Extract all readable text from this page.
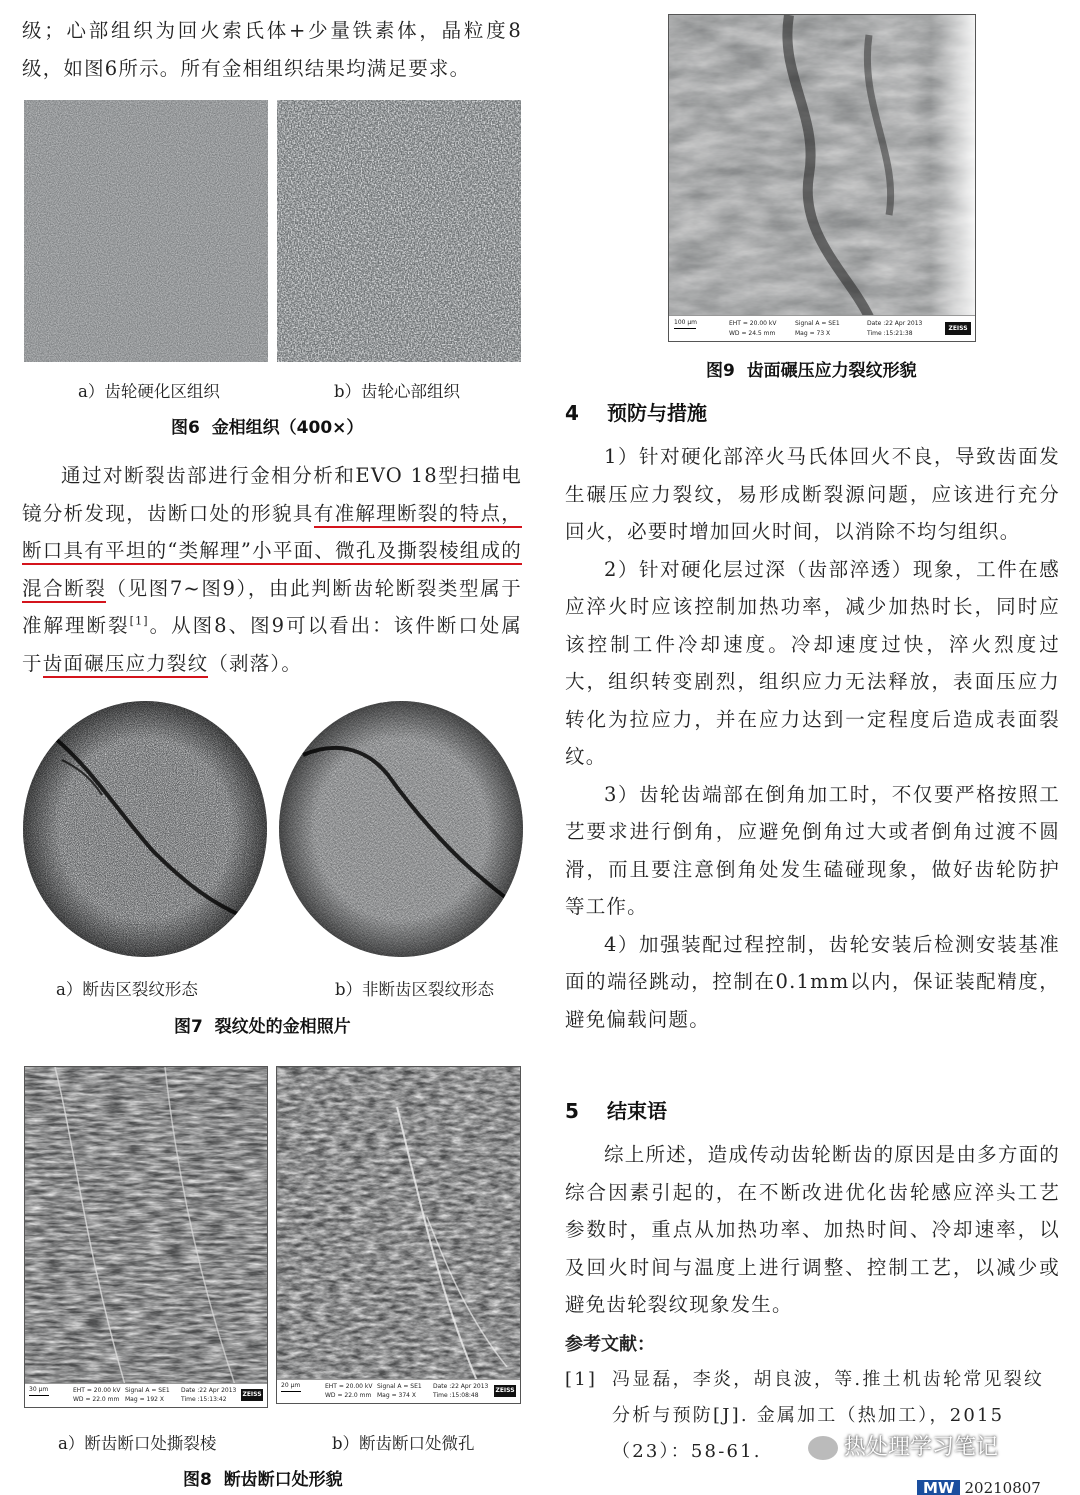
级；心部组织为回火索氏体+少量铁素体，晶粒度8级，如图6所示。所有金相组织结果均满足要求。

a）齿轮硬化区组织	b）齿轮心部组织
图6 金相组织（400×）

通过对断裂齿部进行金相分析和EVO 18型扫描电镜分析发现，齿断口处的形貌具有准解理断裂的特点，断口具有平坦的“类解理”小平面、微孔及撕裂棱组成的混合断裂（见图7~图9），由此判断齿轮断裂类型属于准解理断裂[1]。从图8、图9可以看出：该件断口处属于齿面碾压应力裂纹（剥落）。

a）断齿区裂纹形态	b）非断齿区裂纹形态
图7 裂纹处的金相照片
30 μm	EHT = 20.00 kV
WD = 22.0 mm
Signal A = SE1
Mag = 192 X
Date :22 Apr 2013
Time :15:13:42
ZEISS
20 μm	EHT = 20.00 kV
WD = 22.0 mm
Signal A = SE1
Mag = 374 X
Date :22 Apr 2013
Time :15:08:48
ZEISS
a）断齿断口处撕裂棱	b）断齿断口处微孔
图8 断齿断口处形貌
100 μm	EHT = 20.00 kV
WD = 24.5 mm
Signal A = SE1
Mag = 73 X
Date :22 Apr 2013
Time :15:21:38
ZEISS
图9 齿面碾压应力裂纹形貌
4 预防与措施

1）针对硬化部淬火马氏体回火不良，导致齿面发生碾压应力裂纹，易形成断裂源问题，应该进行充分回火，必要时增加回火时间，以消除不均匀组织。

2）针对硬化层过深（齿部淬透）现象，工件在感应淬火时应该控制加热功率，减少加热时长，同时应该控制工件冷却速度。冷却速度过快，淬火烈度过大，组织转变剧烈，组织应力无法释放，表面压应力转化为拉应力，并在应力达到一定程度后造成表面裂纹。

3）齿轮齿端部在倒角加工时，不仅要严格按照工艺要求进行倒角，应避免倒角过大或者倒角过渡不圆滑，而且要注意倒角处发生磕碰现象，做好齿轮防护等工作。

4）加强装配过程控制，齿轮安装后检测安装基准面的端径跳动，控制在0.1mm以内，保证装配精度，避免偏载问题。

5 结束语

综上所述，造成传动齿轮断齿的原因是由多方面的综合因素引起的，在不断改进优化齿轮感应淬头工艺参数时，重点从加热功率、加热时间、冷却速率，以及回火时间与温度上进行调整、控制工艺，以减少或避免齿轮裂纹现象发生。

参考文献：
[1] 冯显磊，李炎，胡良波，等.推土机齿轮常见裂纹分析与预防[J]. 金属加工（热加工），2015（23）：58-61.	热处理学习笔记
MW 20210807
